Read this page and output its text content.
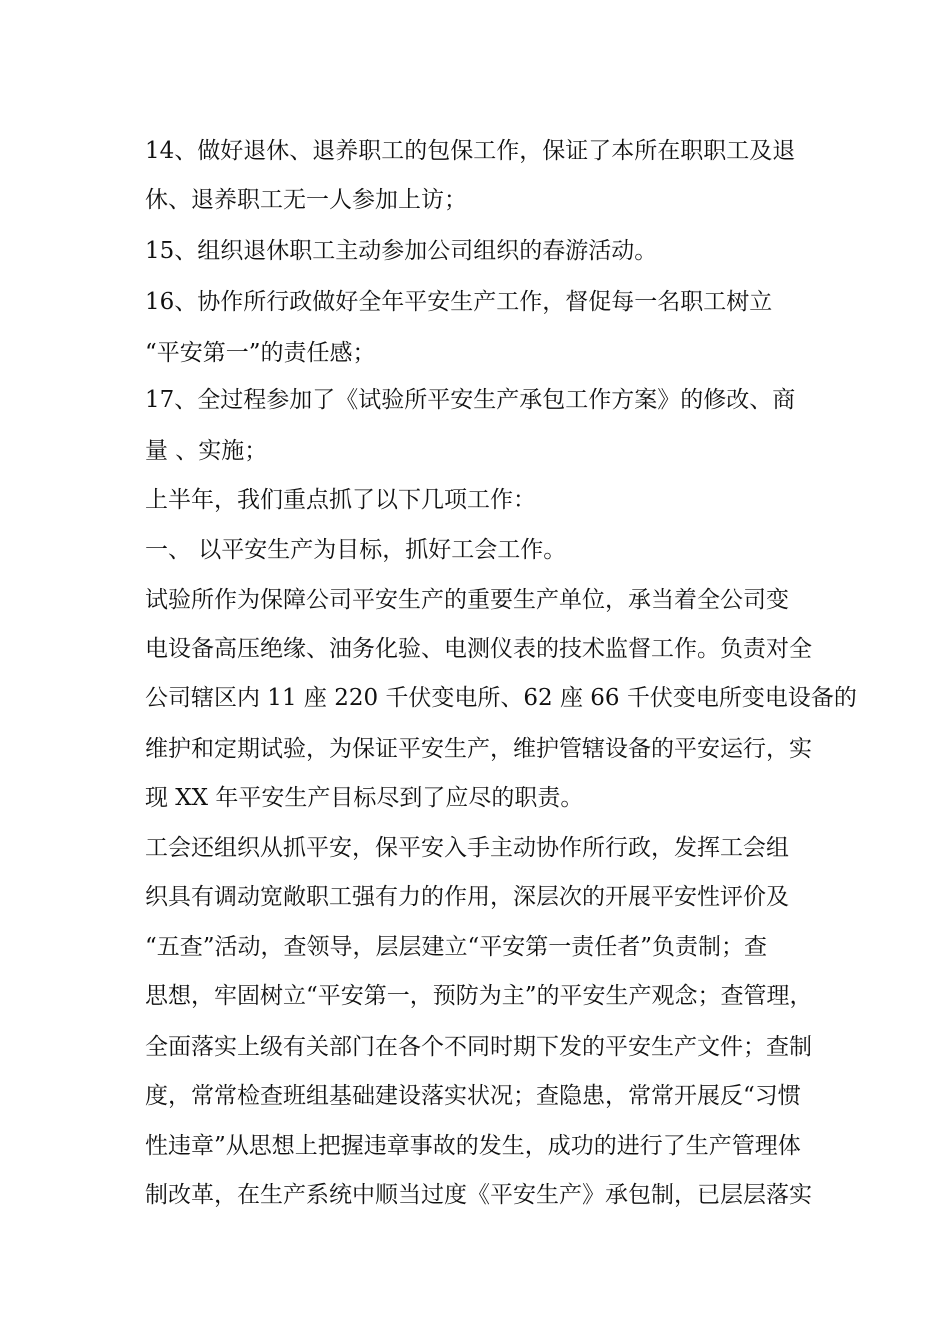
14、做好退休、退养职工的包保工作，保证了本所在职职工及退
休、退养职工无一人参加上访；
15、组织退休职工主动参加公司组织的春游活动。
16、协作所行政做好全年平安生产工作，督促每一名职工树立
“平安第一”的责任感；
17、全过程参加了《试验所平安生产承包工作方案》的修改、商
量 、实施；
上半年，我们重点抓了以下几项工作：
一、 以平安生产为目标，抓好工会工作。
试验所作为保障公司平安生产的重要生产单位，承当着全公司变
电设备高压绝缘、油务化验、电测仪表的技术监督工作。负责对全
公司辖区内 11 座 220 千伏变电所、62 座 66 千伏变电所变电设备的
维护和定期试验，为保证平安生产，维护管辖设备的平安运行，实
现 XX 年平安生产目标尽到了应尽的职责。
工会还组织从抓平安，保平安入手主动协作所行政，发挥工会组
织具有调动宽敞职工强有力的作用，深层次的开展平安性评价及
“五查”活动，查领导，层层建立“平安第一责任者”负责制；查
思想，牢固树立“平安第一，预防为主”的平安生产观念；查管理，
全面落实上级有关部门在各个不同时期下发的平安生产文件；查制
度，常常检查班组基础建设落实状况；查隐患，常常开展反“习惯
性违章”从思想上把握违章事故的发生，成功的进行了生产管理体
制改革，在生产系统中顺当过度《平安生产》承包制，已层层落实
